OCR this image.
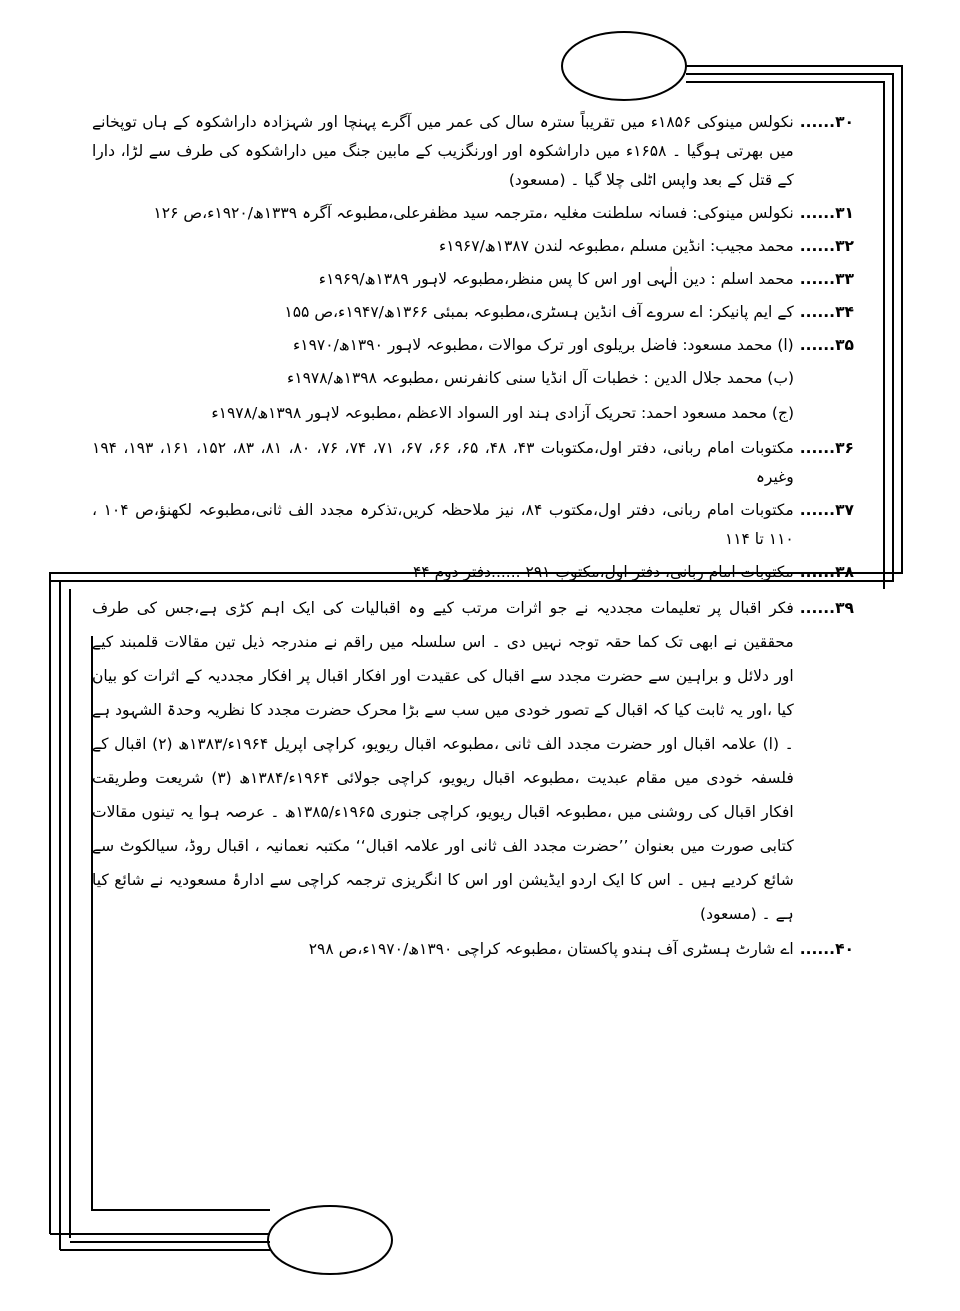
۳۰......
نکولس مینوکی ۱۸۵۶ء میں تقریباً سترہ سال کی عمر میں آگرے پہنچا اور شہزادہ داراشکوہ کے ہاں توپخانے میں بھرتی ہوگیا ۔ ۱۶۵۸ء میں داراشکوہ اور اورنگزیب کے مابین جنگ میں داراشکوہ کی طرف سے لڑا، دارا کے قتل کے بعد واپس اٹلی چلا گیا ۔ (مسعود)
۳۱......
نکولس مینوکی: فسانہ سلطنت مغلیہ ،مترجمہ سید مظفرعلی،مطبوعہ آگرہ ۱۳۳۹ھ/۱۹۲۰ء،ص ۱۲۶
۳۲......
محمد مجیب: انڈین مسلم ،مطبوعہ لندن ۱۳۸۷ھ/۱۹۶۷ء
۳۳......
محمد اسلم : دین الٰہی اور اس کا پس منظر،مطبوعہ لاہور ۱۳۸۹ھ/۱۹۶۹ء
۳۴......
کے ایم پانیکر: اے سروے آف انڈین ہسٹری،مطبوعہ بمبئی ۱۳۶۶ھ/۱۹۴۷ء،ص ۱۵۵
۳۵......
(ا) محمد مسعود: فاضل بریلوی اور ترک موالات ،مطبوعہ لاہور ۱۳۹۰ھ/۱۹۷۰ء
(ب) محمد جلال الدین : خطبات آل انڈیا سنی کانفرنس ،مطبوعہ ۱۳۹۸ھ/۱۹۷۸ء
(ج) محمد مسعود احمد: تحریک آزادی ہند اور السواد الاعظم ،مطبوعہ لاہور ۱۳۹۸ھ/۱۹۷۸ء
۳۶......
مکتوبات امام ربانی، دفتر اول،مکتوبات ۴۳، ۴۸، ۶۵، ۶۶، ۶۷، ۷۱، ۷۴، ۷۶، ۸۰، ۸۱، ۸۳، ۱۵۲، ۱۶۱، ۱۹۳، ۱۹۴ وغیرہ
۳۷......
مکتوبات امام ربانی، دفتر اول،مکتوب ۸۴، نیز ملاحظہ کریں،تذکرہ مجدد الف ثانی،مطبوعہ لکھنؤ،ص ۱۰۴ ، ۱۱۰ تا ۱۱۴
۳۸......
مکتوبات امام ربانی، دفتر اول،مکتوب ۲۹۱ ......دفتر دوم ۴۴
۳۹......
فکر اقبال پر تعلیمات مجددیہ نے جو اثرات مرتب کیے وہ اقبالیات کی ایک اہم کڑی ہے،جس کی طرف محققین نے ابھی تک کما حقہ توجہ نہیں دی ۔ اس سلسلہ میں راقم نے مندرجہ ذیل تین مقالات قلمبند کیے اور دلائل و براہین سے حضرت مجدد سے اقبال کی عقیدت اور افکار اقبال پر افکار مجددیہ کے اثرات کو بیان کیا ،اور یہ ثابت کیا کہ اقبال کے تصور خودی میں سب سے بڑا محرک حضرت مجدد کا نظریہ وحدۃ الشہود ہے ۔ (ا) علامہ اقبال اور حضرت مجدد الف ثانی ،مطبوعہ اقبال ریویو، کراچی اپریل ۱۹۶۴ء/۱۳۸۳ھ (۲) اقبال کے فلسفہ خودی میں مقام عبدیت ،مطبوعہ اقبال ریویو، کراچی جولائی ۱۹۶۴ء/۱۳۸۴ھ (۳) شریعت وطریقت افکار اقبال کی روشنی میں ،مطبوعہ اقبال ریویو، کراچی جنوری ۱۹۶۵ء/۱۳۸۵ھ ۔ عرصہ ہوا یہ تینوں مقالات کتابی صورت میں بعنوان ’’حضرت مجدد الف ثانی اور علامہ اقبال‘‘ مکتبہ نعمانیہ ، اقبال روڈ، سیالکوٹ سے شائع کردیے ہیں ۔ اس کا ایک اردو ایڈیشن اور اس کا انگریزی ترجمہ کراچی سے ادارۂ مسعودیہ نے شائع کیا ہے ۔ (مسعود)
۴۰......
اے شارٹ ہسٹری آف ہندو پاکستان ،مطبوعہ کراچی ۱۳۹۰ھ/۱۹۷۰ء،ص ۲۹۸
